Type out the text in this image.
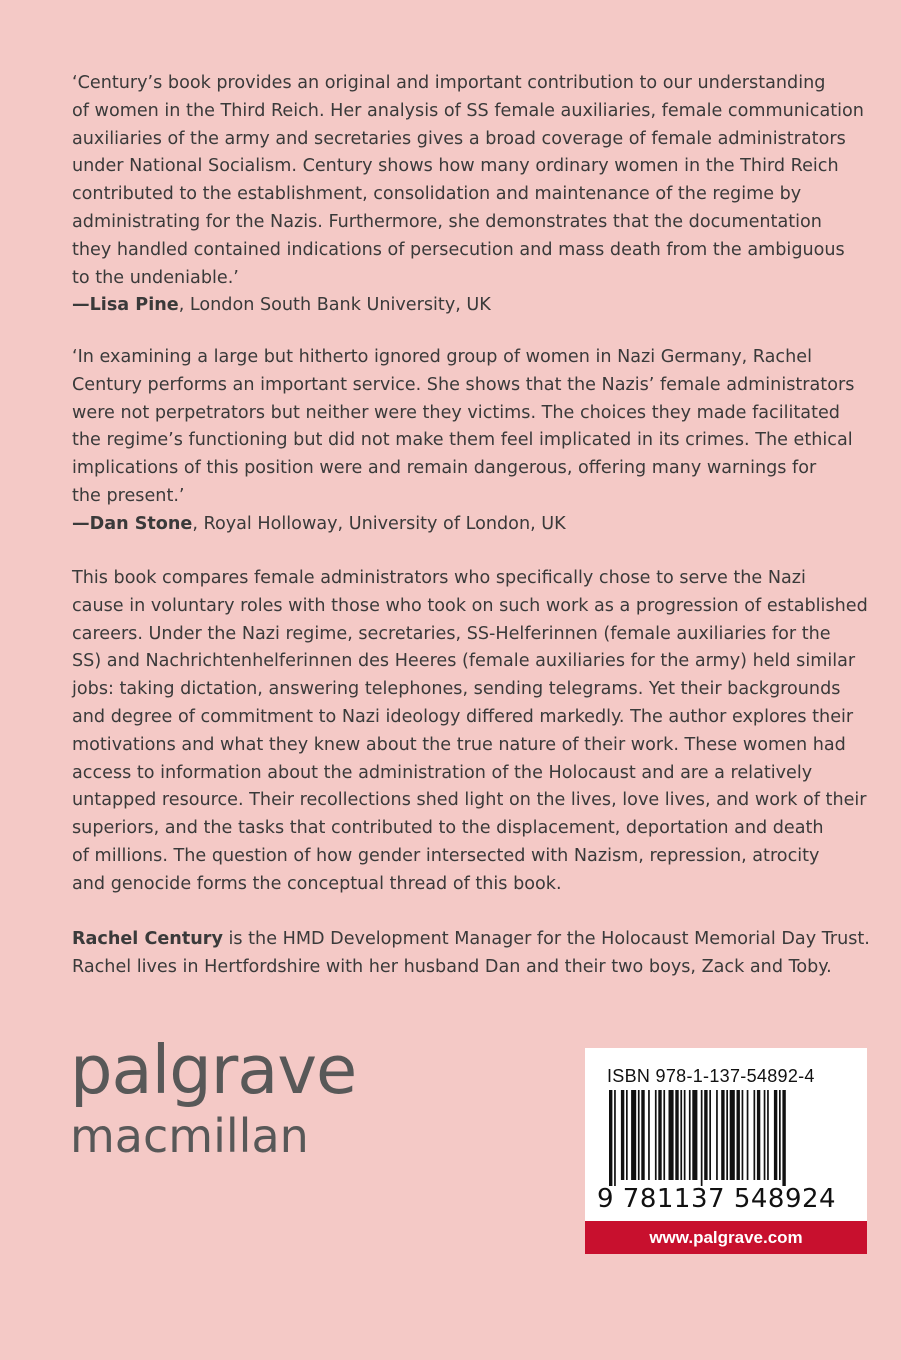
‘Century’s book provides an original and important contribution to our understanding
of women in the Third Reich. Her analysis of SS female auxiliaries, female communication
auxiliaries of the army and secretaries gives a broad coverage of female administrators
under National Socialism. Century shows how many ordinary women in the Third Reich
contributed to the establishment, consolidation and maintenance of the regime by
administrating for the Nazis. Furthermore, she demonstrates that the documentation
they handled contained indications of persecution and mass death from the ambiguous
to the undeniable.’
—Lisa Pine, London South Bank University, UK
‘In examining a large but hitherto ignored group of women in Nazi Germany, Rachel
Century performs an important service. She shows that the Nazis’ female administrators
were not perpetrators but neither were they victims. The choices they made facilitated
the regime’s functioning but did not make them feel implicated in its crimes. The ethical
implications of this position were and remain dangerous, offering many warnings for
the present.’
—Dan Stone, Royal Holloway, University of London, UK
This book compares female administrators who specifically chose to serve the Nazi
cause in voluntary roles with those who took on such work as a progression of established
careers. Under the Nazi regime, secretaries, SS-Helferinnen (female auxiliaries for the
SS) and Nachrichtenhelferinnen des Heeres (female auxiliaries for the army) held similar
jobs: taking dictation, answering telephones, sending telegrams. Yet their backgrounds
and degree of commitment to Nazi ideology differed markedly. The author explores their
motivations and what they knew about the true nature of their work. These women had
access to information about the administration of the Holocaust and are a relatively
untapped resource. Their recollections shed light on the lives, love lives, and work of their
superiors, and the tasks that contributed to the displacement, deportation and death
of millions. The question of how gender intersected with Nazism, repression, atrocity
and genocide forms the conceptual thread of this book.
Rachel Century is the HMD Development Manager for the Holocaust Memorial Day Trust.
Rachel lives in Hertfordshire with her husband Dan and their two boys, Zack and Toby.
palgrave
macmillan
ISBN 978-1-137-54892-4
9 781137 548924
www.palgrave.com
